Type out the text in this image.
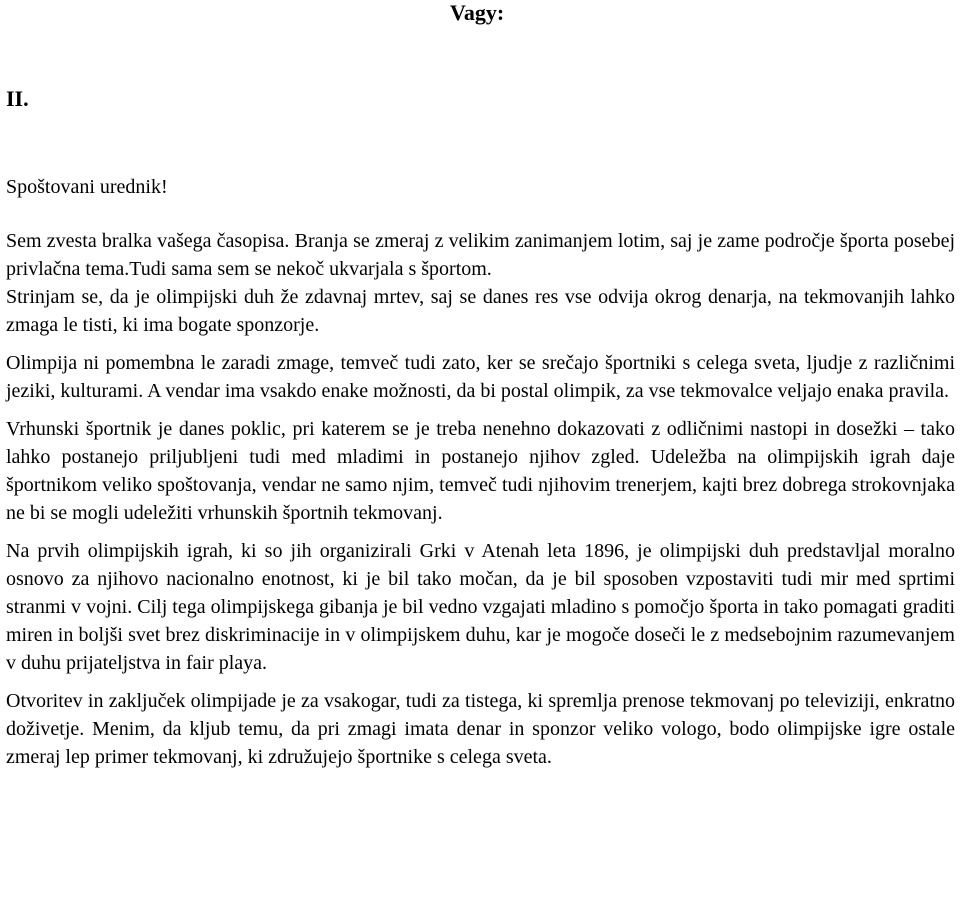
Vagy:
II.

Spoštovani urednik!

Sem zvesta bralka vašega časopisa. Branja se zmeraj z velikim zanimanjem lotim, saj je zame področje športa posebej privlačna tema.Tudi sama sem se nekoč ukvarjala s športom.

Strinjam se, da je olimpijski duh že zdavnaj mrtev, saj se danes res vse odvija okrog denarja, na tekmovanjih lahko zmaga le tisti, ki ima bogate sponzorje.

Olimpija ni pomembna le zaradi zmage, temveč tudi zato, ker se srečajo športniki s celega sveta, ljudje z različnimi jeziki, kulturami. A vendar ima vsakdo enake možnosti, da bi postal olimpik, za vse tekmovalce veljajo enaka pravila.

Vrhunski športnik je danes poklic, pri katerem se je treba nenehno dokazovati z odličnimi nastopi in dosežki – tako lahko postanejo priljubljeni tudi med mladimi in postanejo njihov zgled. Udeležba na olimpijskih igrah daje športnikom veliko spoštovanja, vendar ne samo njim, temveč tudi njihovim trenerjem, kajti brez dobrega strokovnjaka ne bi se mogli udeležiti vrhunskih športnih tekmovanj.

Na prvih olimpijskih igrah, ki so jih organizirali Grki v Atenah leta 1896, je olimpijski duh predstavljal moralno osnovo za njihovo nacionalno enotnost, ki je bil tako močan, da je bil sposoben vzpostaviti tudi mir med sprtimi stranmi v vojni. Cilj tega olimpijskega gibanja je bil vedno vzgajati mladino s pomočjo športa in tako pomagati graditi miren in boljši svet brez diskriminacije in v olimpijskem duhu, kar je mogoče doseči le z medsebojnim razumevanjem v duhu prijateljstva in fair playa.

Otvoritev in zaključek olimpijade je za vsakogar, tudi za tistega, ki spremlja prenose tekmovanj po televiziji, enkratno doživetje. Menim, da kljub temu, da pri zmagi imata denar in sponzor veliko vologo, bodo olimpijske igre ostale zmeraj lep primer tekmovanj, ki združujejo športnike s celega sveta.
